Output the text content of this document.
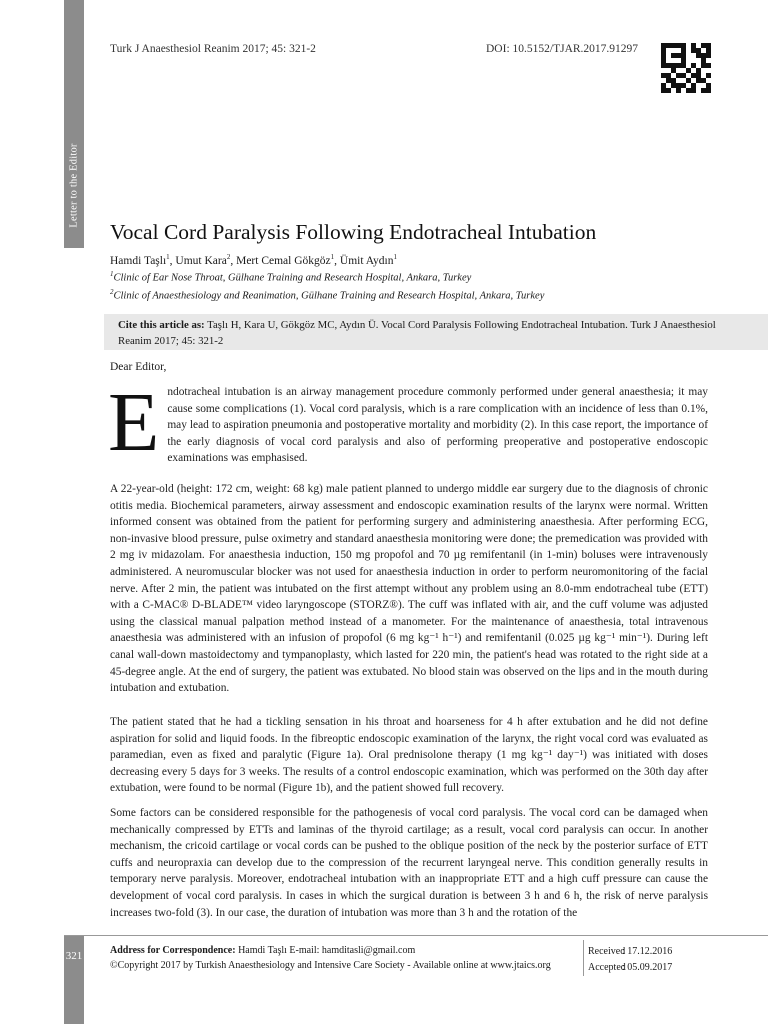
Letter to the Editor
Turk J Anaesthesiol Reanim 2017; 45: 321-2	DOI: 10.5152/TJAR.2017.91297
Vocal Cord Paralysis Following Endotracheal Intubation
Hamdi Taşlı$^1$, Umut Kara$^2$, Mert Cemal Gökgöz$^1$, Ümit Aydın$^1$
$^1$Clinic of Ear Nose Throat, Gülhane Training and Research Hospital, Ankara, Turkey
$^2$Clinic of Anaesthesiology and Reanimation, Gülhane Training and Research Hospital, Ankara, Turkey
Cite this article as: Taşlı H, Kara U, Gökgöz MC, Aydın Ü. Vocal Cord Paralysis Following Endotracheal Intubation. Turk J Anaesthesiol Reanim 2017; 45: 321-2
Dear Editor,

Endotracheal intubation is an airway management procedure commonly performed under general anaesthesia; it may cause some complications (1). Vocal cord paralysis, which is a rare complication with an incidence of less than 0.1%, may lead to aspiration pneumonia and postoperative mortality and morbidity (2). In this case report, the importance of the early diagnosis of vocal cord paralysis and also of performing preoperative and postoperative endoscopic examinations was emphasised.

A 22-year-old (height: 172 cm, weight: 68 kg) male patient planned to undergo middle ear surgery due to the diagnosis of chronic otitis media. Biochemical parameters, airway assessment and endoscopic examination results of the larynx were normal. Written informed consent was obtained from the patient for performing surgery and administering anaesthesia. After performing ECG, non-invasive blood pressure, pulse oximetry and standard anaesthesia monitoring were done; the premedication was provided with 2 mg iv midazolam. For anaesthesia induction, 150 mg propofol and 70 µg remifentanil (in 1-min) boluses were intravenously administered. A neuromuscular blocker was not used for anaesthesia induction in order to perform neuromonitoring of the facial nerve. After 2 min, the patient was intubated on the first attempt without any problem using an 8.0-mm endotracheal tube (ETT) with a C-MAC® D-BLADE™ video laryngoscope (STORZ®). The cuff was inflated with air, and the cuff volume was adjusted using the classical manual palpation method instead of a manometer. For the maintenance of anaesthesia, total intravenous anaesthesia was administered with an infusion of propofol (6 mg kg⁻¹ h⁻¹) and remifentanil (0.025 µg kg⁻¹ min⁻¹). During left canal wall-down mastoidectomy and tympanoplasty, which lasted for 220 min, the patient's head was rotated to the right side at a 45-degree angle. At the end of surgery, the patient was extubated. No blood stain was observed on the lips and in the mouth during intubation and extubation.

The patient stated that he had a tickling sensation in his throat and hoarseness for 4 h after extubation and he did not define aspiration for solid and liquid foods. In the fibreoptic endoscopic examination of the larynx, the right vocal cord was evaluated as paramedian, even as fixed and paralytic (Figure 1a). Oral prednisolone therapy (1 mg kg⁻¹ day⁻¹) was initiated with doses decreasing every 5 days for 3 weeks. The results of a control endoscopic examination, which was performed on the 30th day after extubation, were found to be normal (Figure 1b), and the patient showed full recovery.

Some factors can be considered responsible for the pathogenesis of vocal cord paralysis. The vocal cord can be damaged when mechanically compressed by ETTs and laminas of the thyroid cartilage; as a result, vocal cord paralysis can occur. In another mechanism, the cricoid cartilage or vocal cords can be pushed to the oblique position of the neck by the posterior surface of ETT cuffs and neuropraxia can develop due to the compression of the recurrent laryngeal nerve. This condition generally results in temporary nerve paralysis. Moreover, endotracheal intubation with an inappropriate ETT and a high cuff pressure can cause the development of vocal cord paralysis. In cases in which the surgical duration is between 3 h and 6 h, the risk of nerve paralysis increases two-fold (3). In our case, the duration of intubation was more than 3 h and the rotation of the

321	Address for Correspondence: Hamdi Taşlı E-mail: hamditasli@gmail.com
©Copyright 2017 by Turkish Anaesthesiology and Intensive Care Society - Available online at www.jtaics.org
Received
: 17.12.2016
Accepted
: 05.09.2017
